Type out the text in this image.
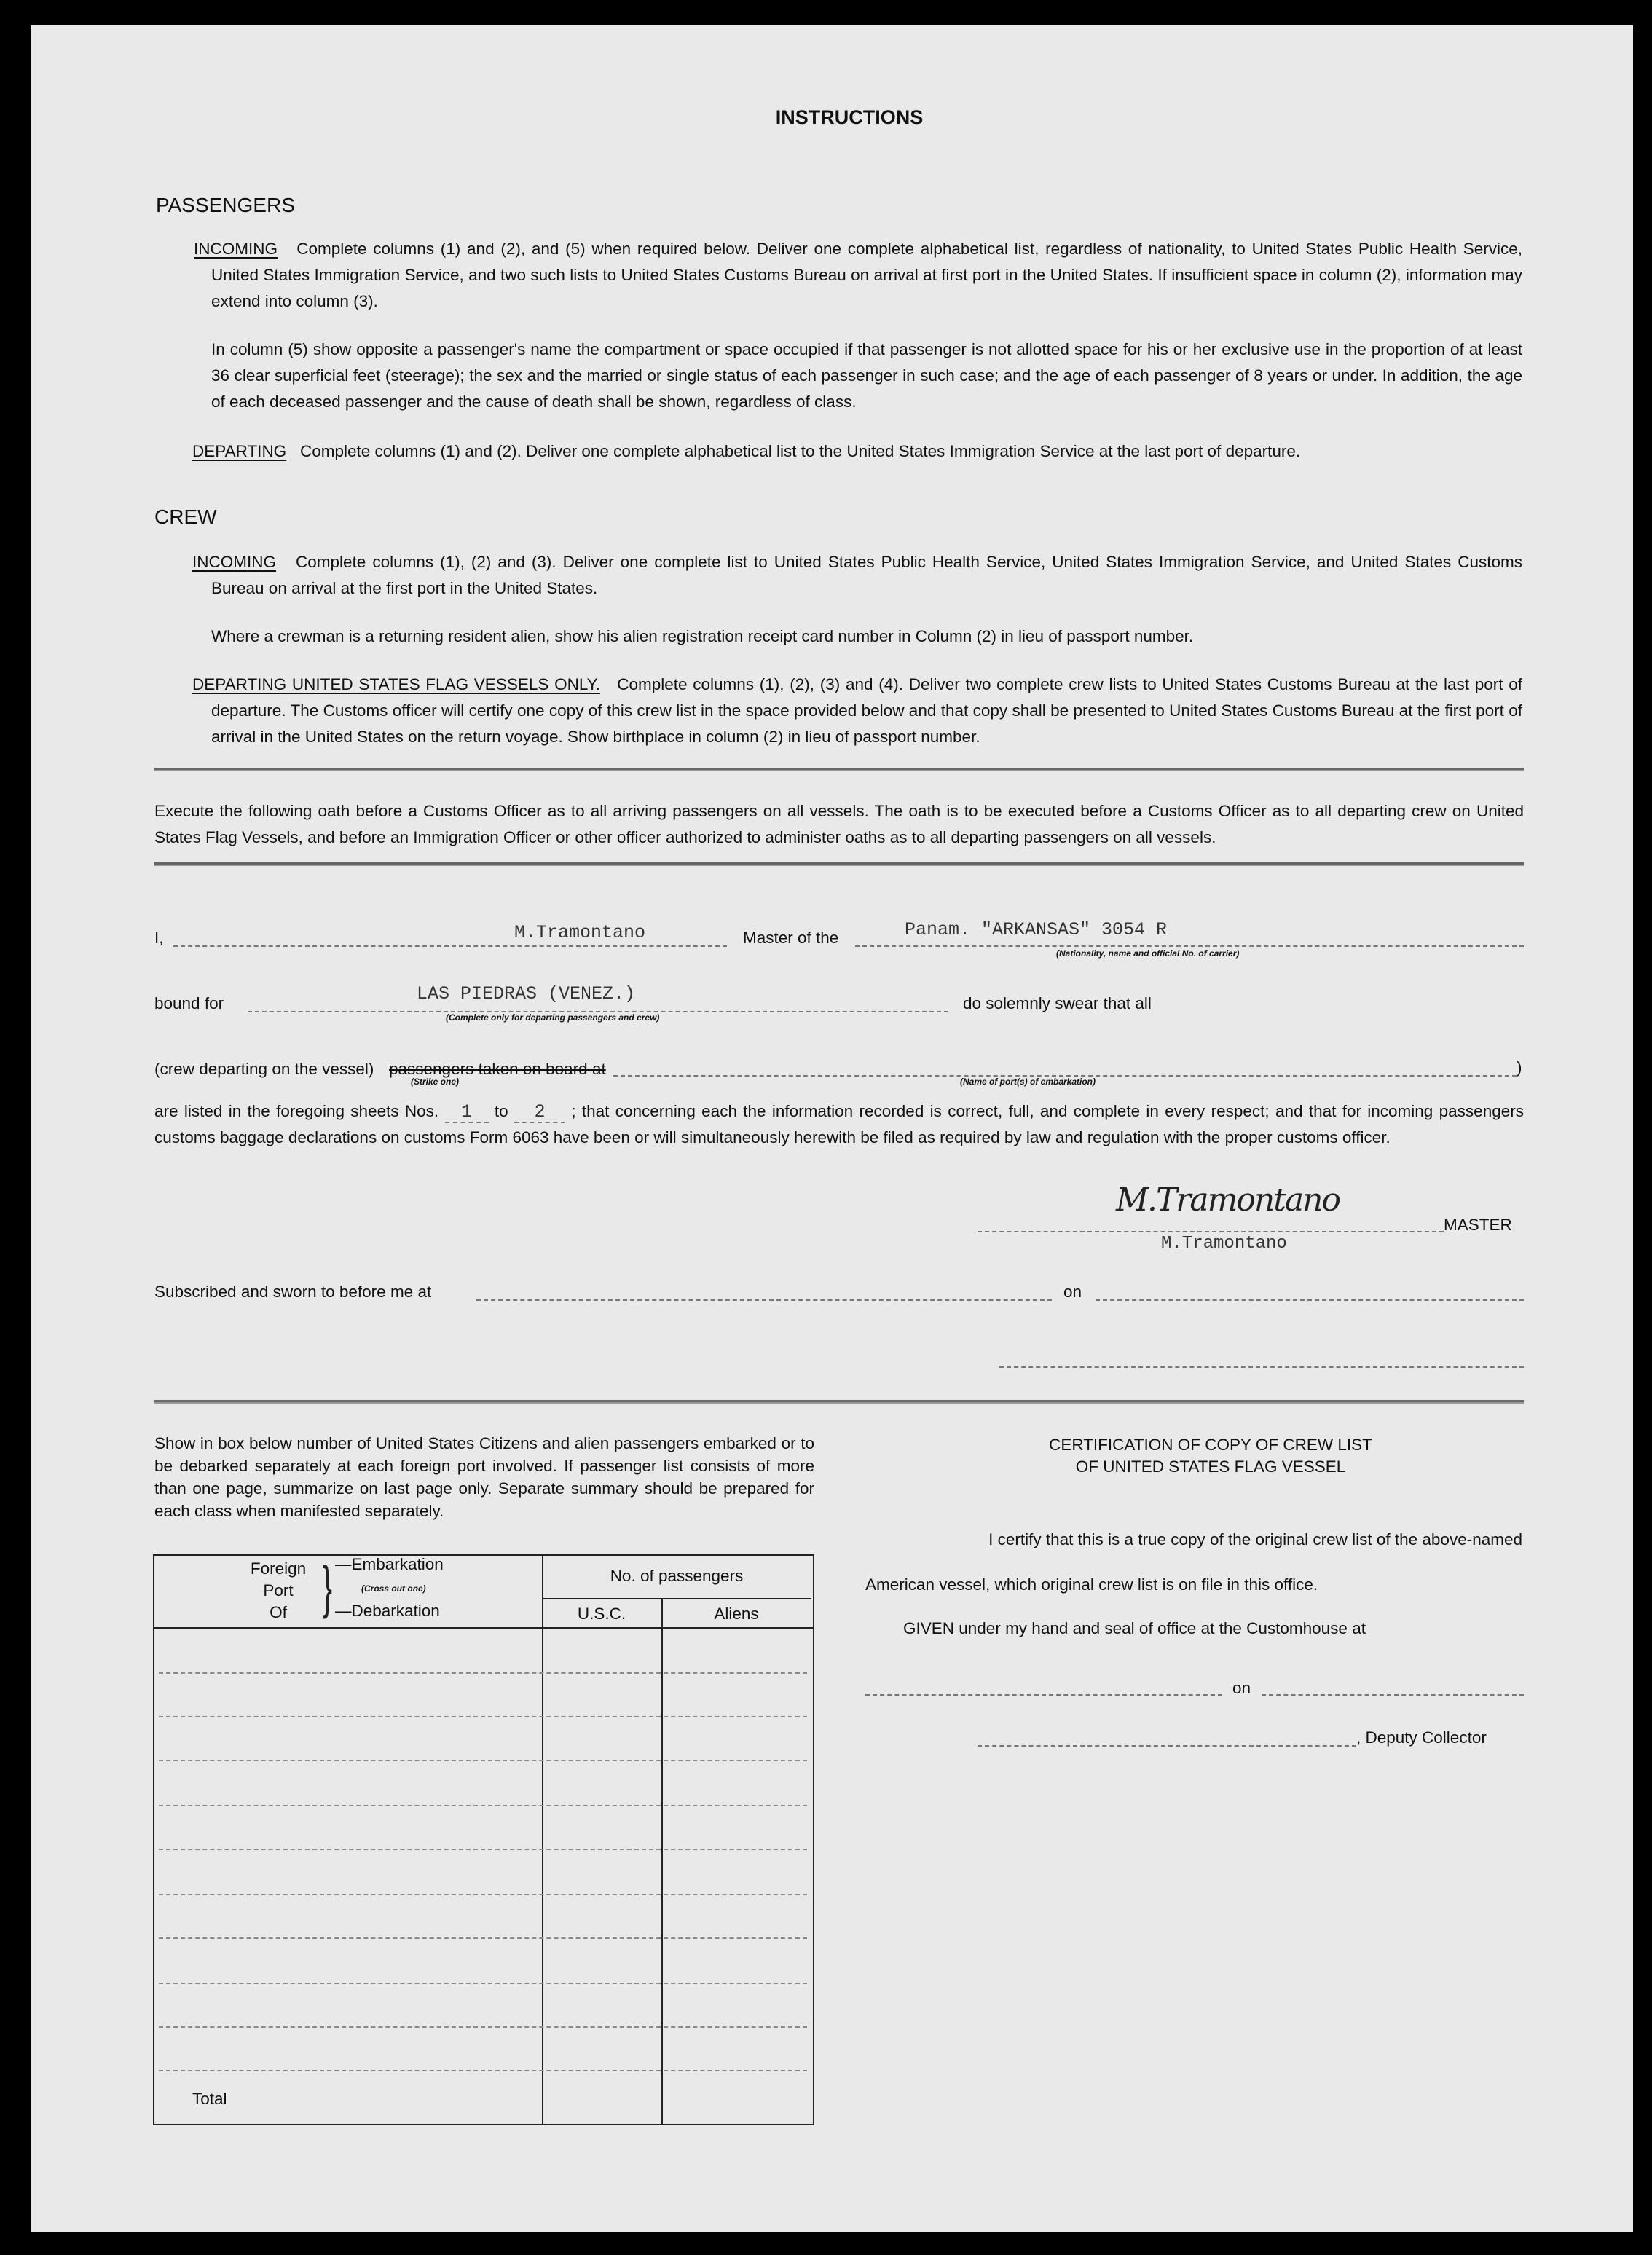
INSTRUCTIONS
PASSENGERS
INCOMING Complete columns (1) and (2), and (5) when required below. Deliver one complete alphabetical list, regardless of nationality, to United States Public Health Service, United States Immigration Service, and two such lists to United States Customs Bureau on arrival at first port in the United States. If insufficient space in column (2), information may extend into column (3).
In column (5) show opposite a passenger's name the compartment or space occupied if that passenger is not allotted space for his or her exclusive use in the proportion of at least 36 clear superficial feet (steerage); the sex and the married or single status of each passenger in such case; and the age of each passenger of 8 years or under. In addition, the age of each deceased passenger and the cause of death shall be shown, regardless of class.
DEPARTING Complete columns (1) and (2). Deliver one complete alphabetical list to the United States Immigration Service at the last port of departure.
CREW
INCOMING Complete columns (1), (2) and (3). Deliver one complete list to United States Public Health Service, United States Immigration Service, and United States Customs Bureau on arrival at the first port in the United States.
Where a crewman is a returning resident alien, show his alien registration receipt card number in Column (2) in lieu of passport number.
DEPARTING UNITED STATES FLAG VESSELS ONLY. Complete columns (1), (2), (3) and (4). Deliver two complete crew lists to United States Customs Bureau at the last port of departure. The Customs officer will certify one copy of this crew list in the space provided below and that copy shall be presented to United States Customs Bureau at the first port of arrival in the United States on the return voyage. Show birthplace in column (2) in lieu of passport number.
Execute the following oath before a Customs Officer as to all arriving passengers on all vessels. The oath is to be executed before a Customs Officer as to all departing crew on United States Flag Vessels, and before an Immigration Officer or other officer authorized to administer oaths as to all departing passengers on all vessels.
I,	M.Tramontano	Master of the	Panam. "ARKANSAS" 3054 R
(Nationality, name and official No. of carrier)
bound for	LAS PIEDRAS (VENEZ.)
(Complete only for departing passengers and crew)
do solemnly swear that all
(crew departing on the vessel) passengers taken on board at	)
(Strike one)	(Name of port(s) of embarkation)
are listed in the foregoing sheets Nos. 1 to 2 ; that concerning each the information recorded is correct, full, and complete in every respect; and that for incoming passengers customs baggage declarations on customs Form 6063 have been or will simultaneously herewith be filed as required by law and regulation with the proper customs officer.
M.Tramontano
M.Tramontano
MASTER
Subscribed and sworn to before me at	on
Show in box below number of United States Citizens and alien passengers embarked or to be debarked separately at each foreign port involved. If passenger list consists of more than one page, summarize on last page only. Separate summary should be prepared for each class when manifested separately.
Foreign
Port
Of } —Embarkation
(Cross out one)
—Debarkation
No. of passengers
U.S.C.	Aliens
Total
CERTIFICATION OF COPY OF CREW LIST
OF UNITED STATES FLAG VESSEL
I certify that this is a true copy of the original crew list of the above-named
American vessel, which original crew list is on file in this office.
GIVEN under my hand and seal of office at the Customhouse at
on
, Deputy Collector
